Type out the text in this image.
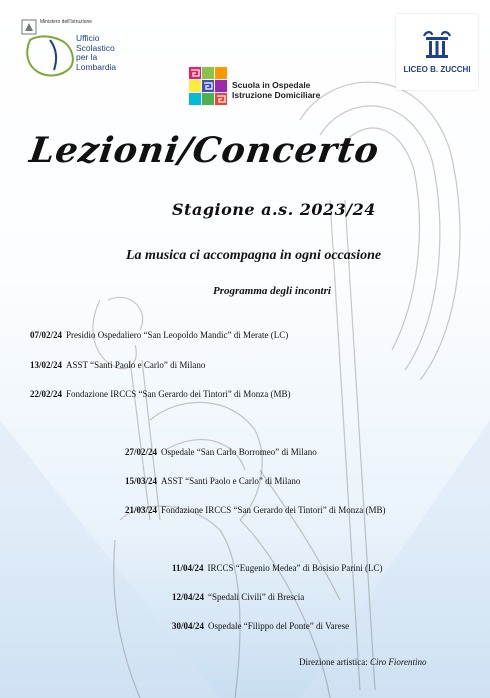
Ministero dell'Istruzione
Ufficio
Scolastico
per la
Lombardia
Scuola in Ospedale
Istruzione Domiciliare
LICEO B. ZUCCHI
Lezioni/Concerto
Stagione a.s. 2023/24
La musica ci accompagna in ogni occasione
Programma degli incontri
07/02/24 Presidio Ospedaliero “San Leopoldo Mandic” di Merate (LC)
13/02/24 ASST “Santi Paolo e Carlo” di Milano
22/02/24 Fondazione IRCCS “San Gerardo dei Tintori” di Monza (MB)
27/02/24 Ospedale “San Carlo Borromeo” di Milano
15/03/24 ASST “Santi Paolo e Carlo” di Milano
21/03/24 Fondazione IRCCS “San Gerardo dei Tintori” di Monza (MB)
11/04/24 IRCCS “Eugenio Medea” di Bosisio Parini (LC)
12/04/24 “Spedali Civili” di Brescia
30/04/24 Ospedale “Filippo del Ponte” di Varese
Direzione artistica: Ciro Fiorentino
